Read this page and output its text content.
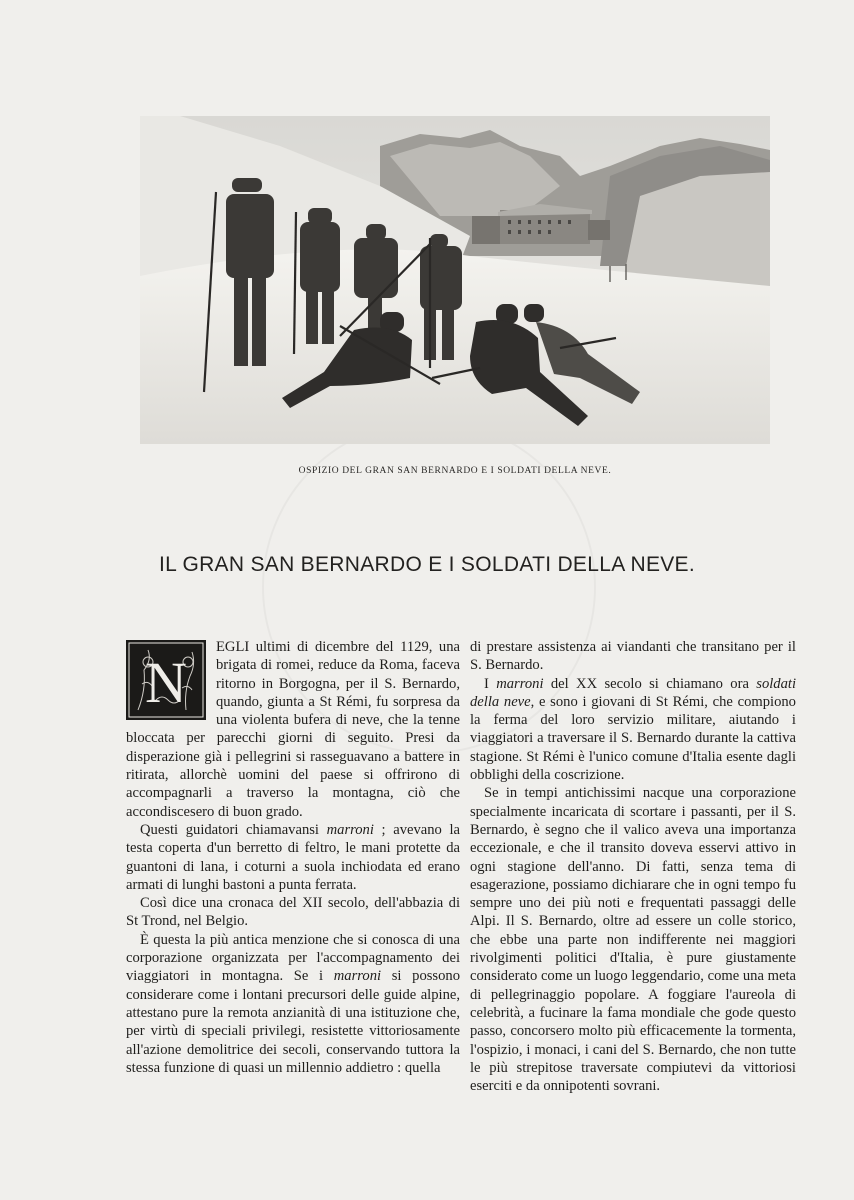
OSPIZIO DEL GRAN SAN BERNARDO E I SOLDATI DELLA NEVE.
IL GRAN SAN BERNARDO E I SOLDATI DELLA NEVE.
N

EGLI ultimi di dicembre del 1129, una brigata di romei, reduce da Roma, faceva ritorno in Borgogna, per il S. Bernardo, quando, giunta a St Rémi, fu sorpresa da una violenta bufera di neve, che la tenne bloccata per parecchi giorni di seguito. Presi da disperazione già i pellegrini si rasseguavano a battere in ritirata, allorchè uomini del paese si offrirono di accompagnarli a traverso la montagna, ciò che accondiscesero di buon grado.

Questi guidatori chiamavansi marroni ; avevano la testa coperta d'un berretto di feltro, le mani protette da guantoni di lana, i coturni a suola inchiodata ed erano armati di lunghi bastoni a punta ferrata.

Così dice una cronaca del XII secolo, dell'abbazia di St Trond, nel Belgio.

È questa la più antica menzione che si conosca di una corporazione organizzata per l'accompagnamento dei viaggiatori in montagna. Se i marroni si possono considerare come i lontani precursori delle guide alpine, attestano pure la remota anzianità di una istituzione che, per virtù di speciali privilegi, resistette vittoriosamente all'azione demolitrice dei secoli, conservando tuttora la stessa funzione di quasi un millennio addietro : quella

di prestare assistenza ai viandanti che transitano per il S. Bernardo.

I marroni del XX secolo si chiamano ora soldati della neve, e sono i giovani di St Rémi, che compiono la ferma del loro servizio militare, aiutando i viaggiatori a traversare il S. Bernardo durante la cattiva stagione. St Rémi è l'unico comune d'Italia esente dagli obblighi della coscrizione.

Se in tempi antichissimi nacque una corporazione specialmente incaricata di scortare i passanti, per il S. Bernardo, è segno che il valico aveva una importanza eccezionale, e che il transito doveva esservi attivo in ogni stagione dell'anno. Di fatti, senza tema di esagerazione, possiamo dichiarare che in ogni tempo fu sempre uno dei più noti e frequentati passaggi delle Alpi. Il S. Bernardo, oltre ad essere un colle storico, che ebbe una parte non indifferente nei maggiori rivolgimenti politici d'Italia, è pure giustamente considerato come un luogo leggendario, come una meta di pellegrinaggio popolare. A foggiare l'aureola di celebrità, a fucinare la fama mondiale che gode questo passo, concorsero molto più efficacemente la tormenta, l'ospizio, i monaci, i cani del S. Bernardo, che non tutte le più strepitose traversate compiutevi da vittoriosi eserciti e da onnipotenti sovrani.
